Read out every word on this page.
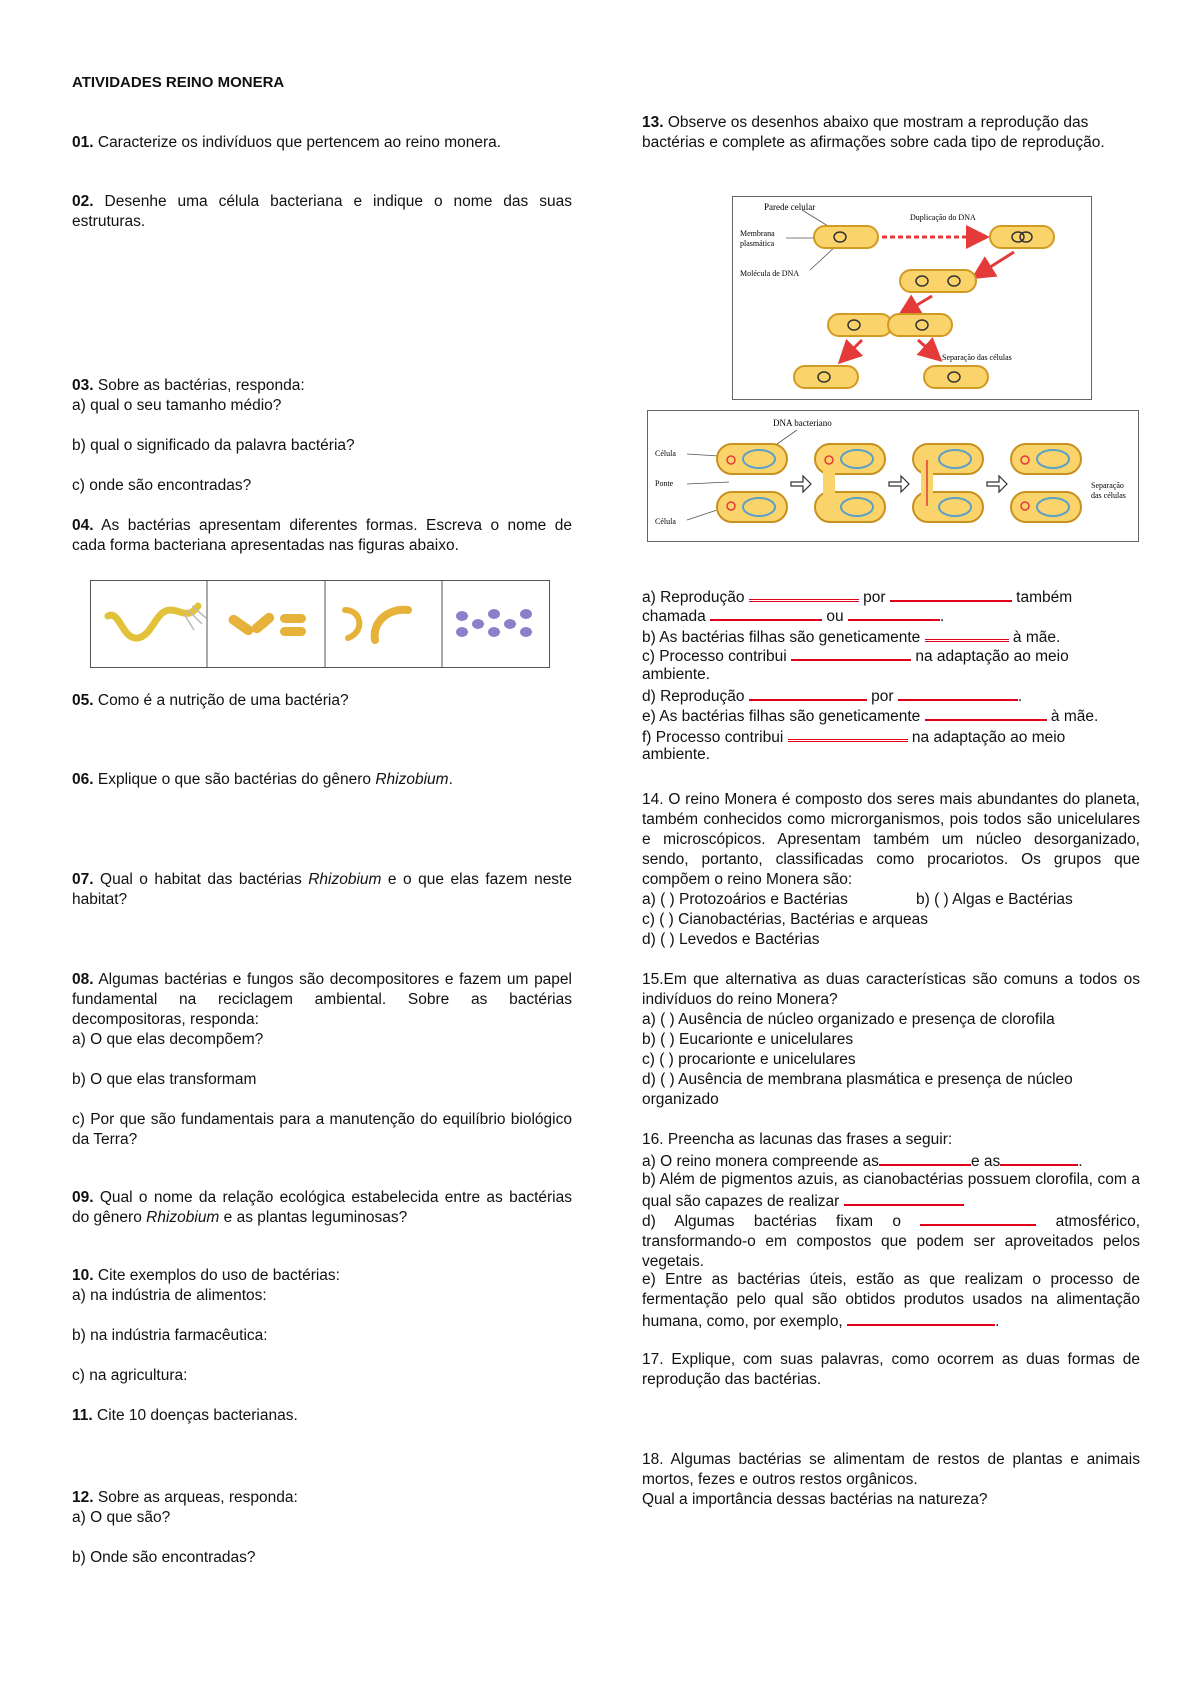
ATIVIDADES REINO MONERA

01. Caracterize os indivíduos que pertencem ao reino monera.

02. Desenhe uma célula bacteriana e indique o nome das suas estruturas.

03. Sobre as bactérias, responda:

a) qual o seu tamanho médio?

b) qual o significado da palavra bactéria?

c) onde são encontradas?

04. As bactérias apresentam diferentes formas. Escreva o nome de cada forma bacteriana apresentadas nas figuras abaixo.

05. Como é a nutrição de uma bactéria?

06. Explique o que são bactérias do gênero Rhizobium.

07. Qual o habitat das bactérias Rhizobium e o que elas fazem neste habitat?

08. Algumas bactérias e fungos são decompositores e fazem um papel fundamental na reciclagem ambiental. Sobre as bactérias decompositoras, responda:

a) O que elas decompõem?

b) O que elas transformam

c) Por que são fundamentais para a manutenção do equilíbrio biológico da Terra?

09. Qual o nome da relação ecológica estabelecida entre as bactérias do gênero Rhizobium e as plantas leguminosas?

10. Cite exemplos do uso de bactérias:

a) na indústria de alimentos:

b) na indústria farmacêutica:

c) na agricultura:

11. Cite 10 doenças bacterianas.

12. Sobre as arqueas, responda:

a) O que são?

b) Onde são encontradas?

13. Observe os desenhos abaixo que mostram a reprodução das bactérias e complete as afirmações sobre cada tipo de reprodução.

Parede celular
Membrana
plasmática
Molécula de DNA
Duplicação do DNA
Separação das células
DNA bacteriano
Célula
Ponte
Célula
Separação
das células

a) Reprodução	por	também

chamada	ou	.

b) As bactérias filhas são geneticamente	à mãe.

c) Processo contribui	na adaptação ao meio

ambiente.

d) Reprodução	por	.

e) As bactérias filhas são geneticamente	à mãe.

f) Processo contribui	na adaptação ao meio

ambiente.

14. O reino Monera é composto dos seres mais abundantes do planeta, também conhecidos como microrganismos, pois todos são unicelulares e microscópicos. Apresentam também um núcleo desorganizado, sendo, portanto, classificadas como procariotos. Os grupos que compõem o reino Monera são:

a) ( ) Protozoários e Bactérias	b) ( ) Algas e Bactérias

c) ( ) Cianobactérias, Bactérias e arqueas

d) ( ) Levedos e Bactérias

15.Em que alternativa as duas características são comuns a todos os indivíduos do reino Monera?

a) ( ) Ausência de núcleo organizado e presença de clorofila

b) ( ) Eucarionte e unicelulares

c) ( ) procarionte e unicelulares

d) ( ) Ausência de membrana plasmática e presença de núcleo organizado

16. Preencha as lacunas das frases a seguir:

a) O reino monera compreende as	e as	.

b) Além de pigmentos azuis, as cianobactérias possuem clorofila, com a qual são capazes de realizar

d) Algumas bactérias fixam o	atmosférico, transformando-o em compostos que podem ser aproveitados pelos vegetais.

e) Entre as bactérias úteis, estão as que realizam o processo de fermentação pelo qual são obtidos produtos usados na alimentação humana, como, por exemplo,	.

17. Explique, com suas palavras, como ocorrem as duas formas de reprodução das bactérias.

18. Algumas bactérias se alimentam de restos de plantas e animais mortos, fezes e outros restos orgânicos.

Qual a importância dessas bactérias na natureza?
